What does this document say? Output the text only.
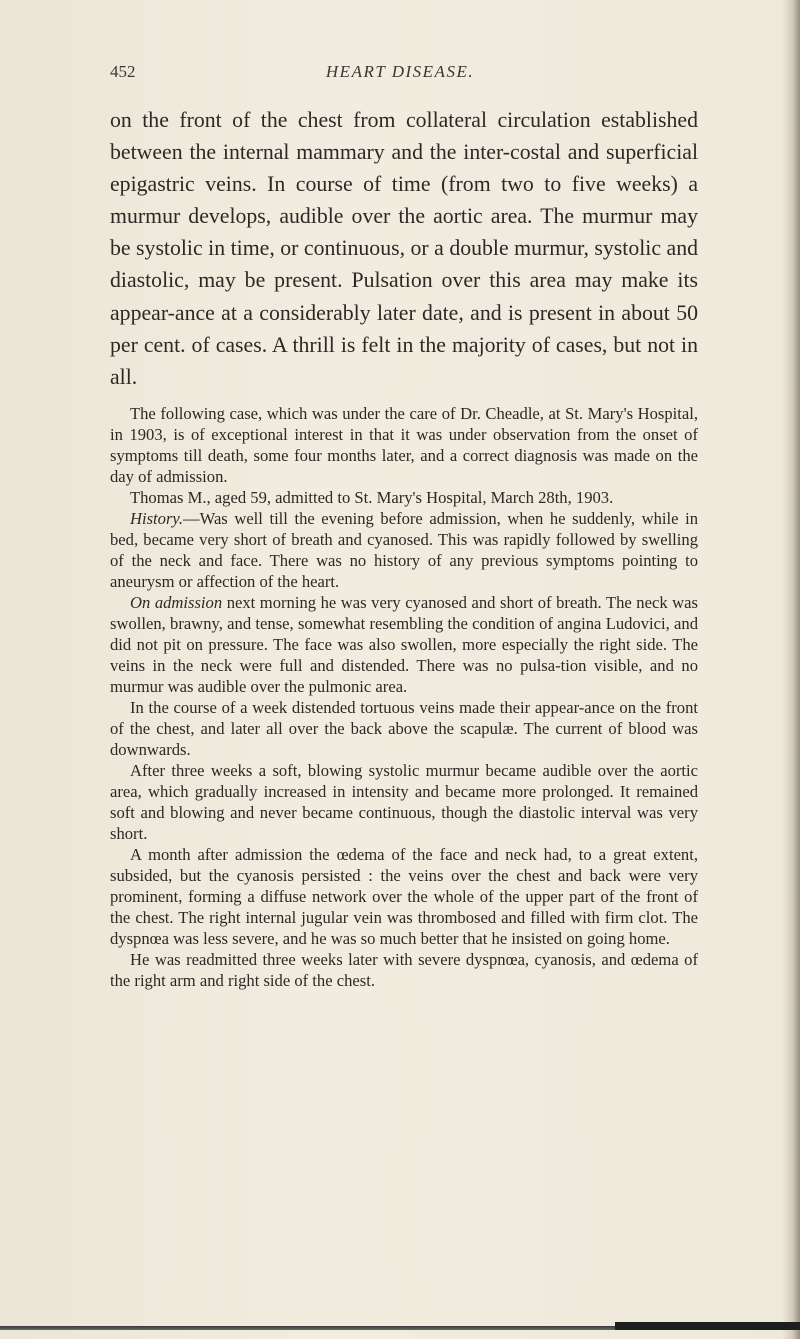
452	HEART DISEASE.

on the front of the chest from collateral circulation established between the internal mammary and the inter-costal and superficial epigastric veins. In course of time (from two to five weeks) a murmur develops, audible over the aortic area. The murmur may be systolic in time, or continuous, or a double murmur, systolic and diastolic, may be present. Pulsation over this area may make its appear-ance at a considerably later date, and is present in about 50 per cent. of cases. A thrill is felt in the majority of cases, but not in all.

The following case, which was under the care of Dr. Cheadle, at St. Mary's Hospital, in 1903, is of exceptional interest in that it was under observation from the onset of symptoms till death, some four months later, and a correct diagnosis was made on the day of admission.

Thomas M., aged 59, admitted to St. Mary's Hospital, March 28th, 1903.

History.—Was well till the evening before admission, when he suddenly, while in bed, became very short of breath and cyanosed. This was rapidly followed by swelling of the neck and face. There was no history of any previous symptoms pointing to aneurysm or affection of the heart.

On admission next morning he was very cyanosed and short of breath. The neck was swollen, brawny, and tense, somewhat resembling the condition of angina Ludovici, and did not pit on pressure. The face was also swollen, more especially the right side. The veins in the neck were full and distended. There was no pulsa-tion visible, and no murmur was audible over the pulmonic area.

In the course of a week distended tortuous veins made their appear-ance on the front of the chest, and later all over the back above the scapulæ. The current of blood was downwards.

After three weeks a soft, blowing systolic murmur became audible over the aortic area, which gradually increased in intensity and became more prolonged. It remained soft and blowing and never became continuous, though the diastolic interval was very short.

A month after admission the œdema of the face and neck had, to a great extent, subsided, but the cyanosis persisted : the veins over the chest and back were very prominent, forming a diffuse network over the whole of the upper part of the front of the chest. The right internal jugular vein was thrombosed and filled with firm clot. The dyspnœa was less severe, and he was so much better that he insisted on going home.

He was readmitted three weeks later with severe dyspnœa, cyanosis, and œdema of the right arm and right side of the chest.
